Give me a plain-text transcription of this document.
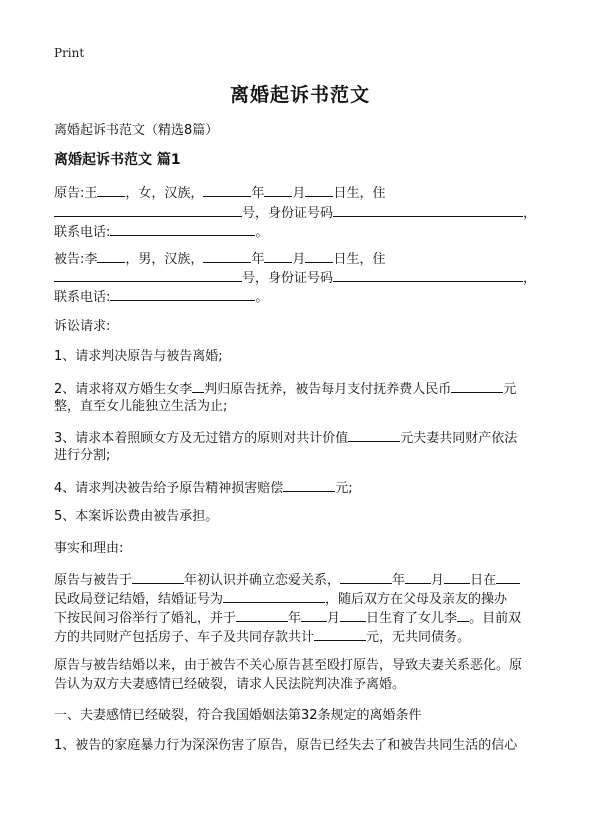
Print
离婚起诉书范文
离婚起诉书范文（精选8篇）
离婚起诉书范文 篇1
原告:王 ，女，汉族，	年 月 日生，住
号，身份证号码	，
联系电话:	。
被告:李 ，男，汉族，	年 月 日生，住
号，身份证号码	，
联系电话:	。
诉讼请求:
1、请求判决原告与被告离婚;
2、请求将双方婚生女李 判归原告抚养，被告每月支付抚养费人民币	元
整，直至女儿能独立生活为止;
3、请求本着照顾女方及无过错方的原则对共计价值	元夫妻共同财产依法
进行分割;
4、请求判决被告给予原告精神损害赔偿	元;
5、本案诉讼费由被告承担。
事实和理由:
原告与被告于	年初认识并确立恋爱关系，	年 月 日在
民政局登记结婚，结婚证号为	，随后双方在父母及亲友的操办
下按民间习俗举行了婚礼，并于	年 月 日生育了女儿李 。目前双
方的共同财产包括房子、车子及共同存款共计	元，无共同债务。
原告与被告结婚以来，由于被告不关心原告甚至殴打原告，导致夫妻关系恶化。原
告认为双方夫妻感情已经破裂，请求人民法院判决准予离婚。
一、夫妻感情已经破裂，符合我国婚姻法第32条规定的离婚条件
1、被告的家庭暴力行为深深伤害了原告，原告已经失去了和被告共同生活的信心
